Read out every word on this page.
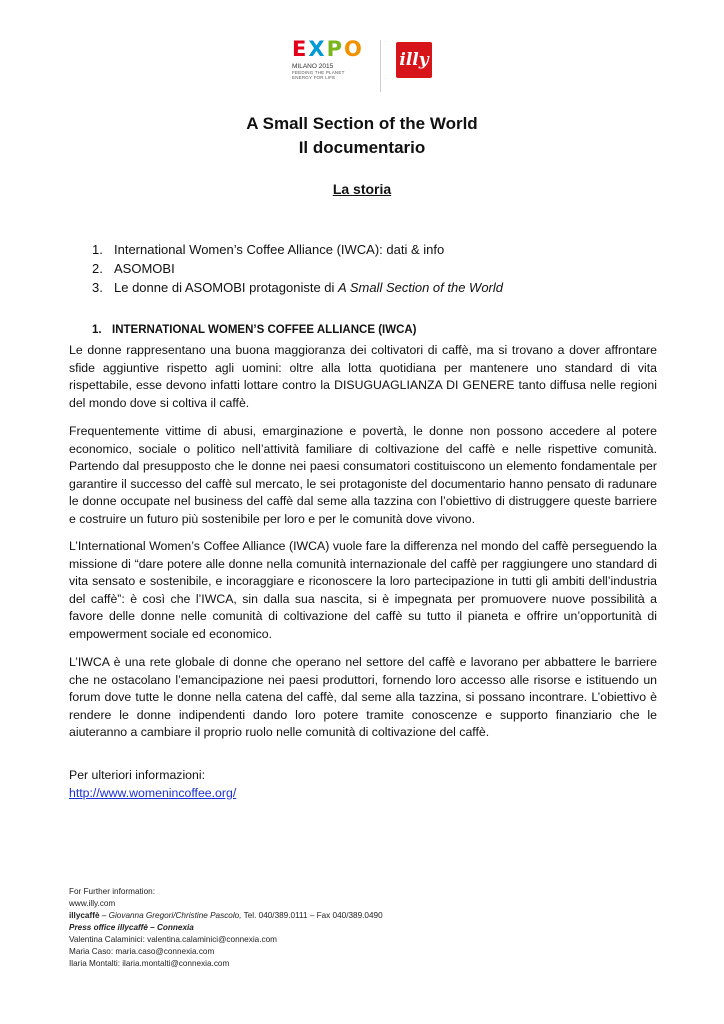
E X P O
MILANO 2015
FEEDING THE PLANET
ENERGY FOR LIFE
illy
A Small Section of the World
Il documentario
La storia
1. International Women’s Coffee Alliance (IWCA): dati & info
2. ASOMOBI
3. Le donne di ASOMOBI protagoniste di A Small Section of the World
1. INTERNATIONAL WOMEN’S COFFEE ALLIANCE (IWCA)
Le donne rappresentano una buona maggioranza dei coltivatori di caffè, ma si trovano a dover affrontare sfide aggiuntive rispetto agli uomini: oltre alla lotta quotidiana per mantenere uno standard di vita rispettabile, esse devono infatti lottare contro la DISUGUAGLIANZA DI GENERE tanto diffusa nelle regioni del mondo dove si coltiva il caffè.
Frequentemente vittime di abusi, emarginazione e povertà, le donne non possono accedere al potere economico, sociale o politico nell’attività familiare di coltivazione del caffè e nelle rispettive comunità. Partendo dal presupposto che le donne nei paesi consumatori costituiscono un elemento fondamentale per garantire il successo del caffè sul mercato, le sei protagoniste del documentario hanno pensato di radunare le donne occupate nel business del caffè dal seme alla tazzina con l’obiettivo di distruggere queste barriere e costruire un futuro più sostenibile per loro e per le comunità dove vivono.
L’International Women’s Coffee Alliance (IWCA) vuole fare la differenza nel mondo del caffè perseguendo la missione di “dare potere alle donne nella comunità internazionale del caffè per raggiungere uno standard di vita sensato e sostenibile, e incoraggiare e riconoscere la loro partecipazione in tutti gli ambiti dell’industria del caffè”: è così che l’IWCA, sin dalla sua nascita, si è impegnata per promuovere nuove possibilità a favore delle donne nelle comunità di coltivazione del caffè su tutto il pianeta e offrire un’opportunità di empowerment sociale ed economico.
L’IWCA è una rete globale di donne che operano nel settore del caffè e lavorano per abbattere le barriere che ne ostacolano l’emancipazione nei paesi produttori, fornendo loro accesso alle risorse e istituendo un forum dove tutte le donne nella catena del caffè, dal seme alla tazzina, si possano incontrare. L’obiettivo è rendere le donne indipendenti dando loro potere tramite conoscenze e supporto finanziario che le aiuteranno a cambiare il proprio ruolo nelle comunità di coltivazione del caffè.
Per ulteriori informazioni:
http://www.womenincoffee.org/
For Further information:
www.illy.com
illycaffè – Giovanna Gregori/Christine Pascolo, Tel. 040/389.0111 – Fax 040/389.0490
Press office illycaffè – Connexia
Valentina Calaminici: valentina.calaminici@connexia.com
Maria Caso: maria.caso@connexia.com
Ilaria Montalti: ilaria.montalti@connexia.com
